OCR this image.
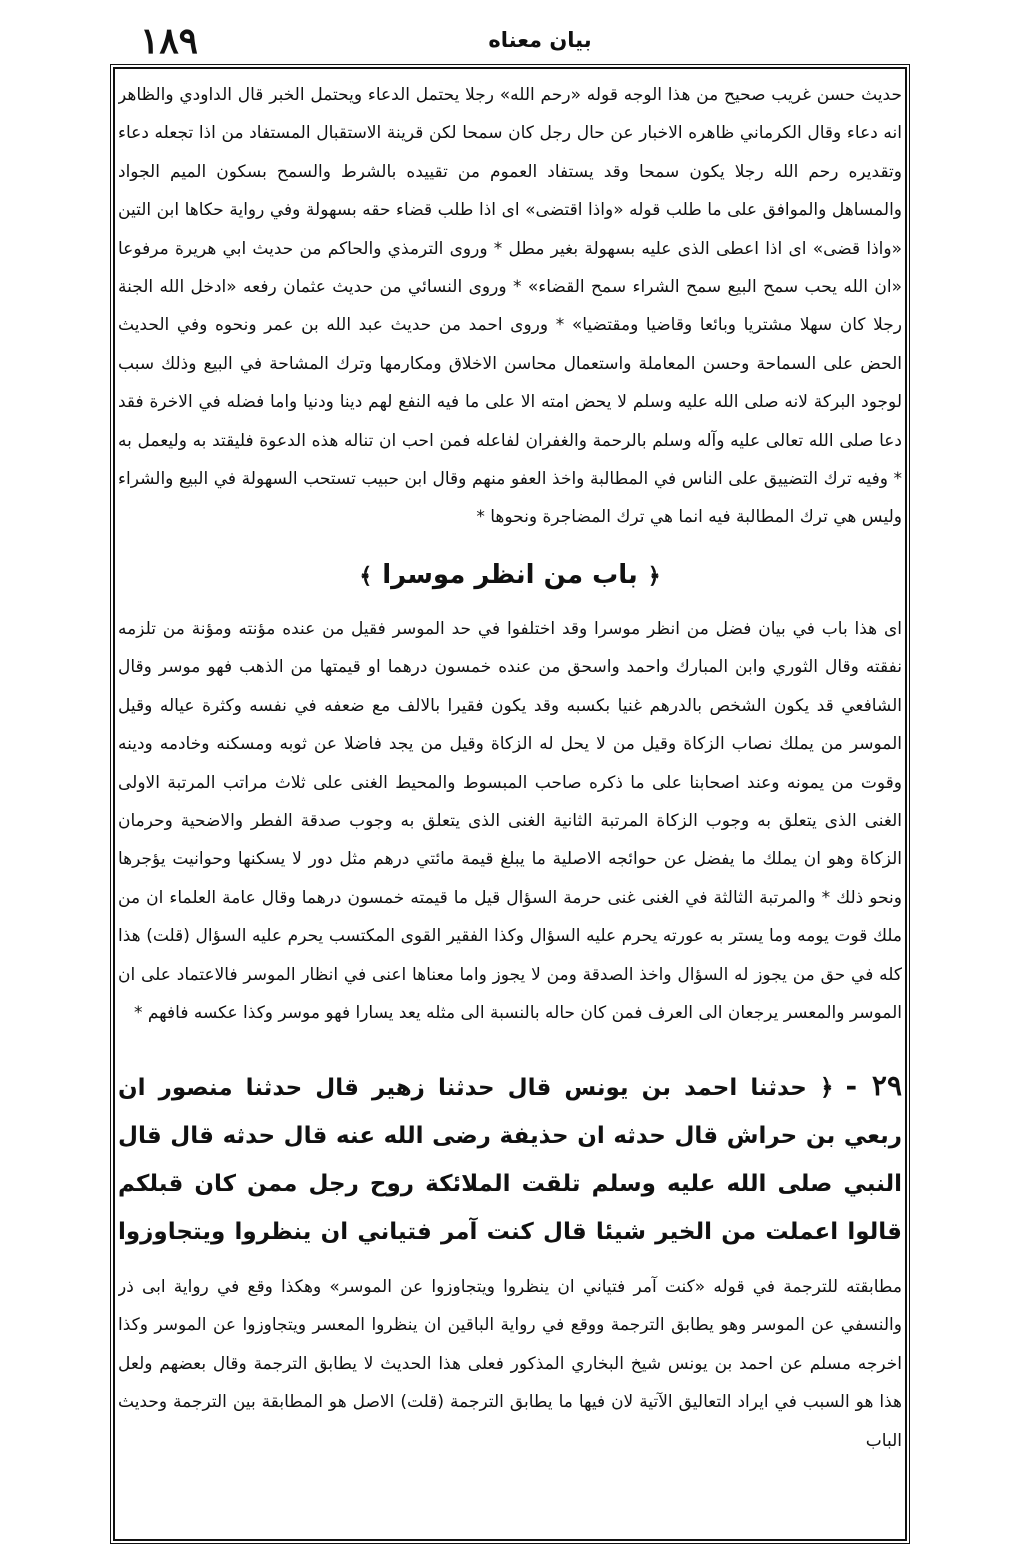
١٨٩	بيان معناه

حديث حسن غريب صحيح من هذا الوجه قوله «رحم الله» رجلا يحتمل الدعاء ويحتمل الخبر قال الداودي والظاهر انه دعاء وقال الكرماني ظاهره الاخبار عن حال رجل كان سمحا لكن قرينة الاستقبال المستفاد من اذا تجعله دعاء وتقديره رحم الله رجلا يكون سمحا وقد يستفاد العموم من تقييده بالشرط والسمح بسكون الميم الجواد والمساهل والموافق على ما طلب قوله «واذا اقتضى» اى اذا طلب قضاء حقه بسهولة وفي رواية حكاها ابن التين «واذا قضى» اى اذا اعطى الذى عليه بسهولة بغير مطل * وروى الترمذي والحاكم من حديث ابي هريرة مرفوعا «ان الله يحب سمح البيع سمح الشراء سمح القضاء» * وروى النسائي من حديث عثمان رفعه «ادخل الله الجنة رجلا كان سهلا مشتريا وبائعا وقاضيا ومقتضيا» * وروى احمد من حديث عبد الله بن عمر ونحوه وفي الحديث الحض على السماحة وحسن المعاملة واستعمال محاسن الاخلاق ومكارمها وترك المشاحة في البيع وذلك سبب لوجود البركة لانه صلى الله عليه وسلم لا يحض امته الا على ما فيه النفع لهم دينا ودنيا واما فضله في الاخرة فقد دعا صلى الله تعالى عليه وآله وسلم بالرحمة والغفران لفاعله فمن احب ان تناله هذه الدعوة فليقتد به وليعمل به * وفيه ترك التضييق على الناس في المطالبة واخذ العفو منهم وقال ابن حبيب تستحب السهولة في البيع والشراء وليس هي ترك المطالبة فيه انما هي ترك المضاجرة ونحوها *

﴿باب من انظر موسرا﴾

اى هذا باب في بيان فضل من انظر موسرا وقد اختلفوا في حد الموسر فقيل من عنده مؤنته ومؤنة من تلزمه نفقته وقال الثوري وابن المبارك واحمد واسحق من عنده خمسون درهما او قيمتها من الذهب فهو موسر وقال الشافعي قد يكون الشخص بالدرهم غنيا بكسبه وقد يكون فقيرا بالالف مع ضعفه في نفسه وكثرة عياله وقيل الموسر من يملك نصاب الزكاة وقيل من لا يحل له الزكاة وقيل من يجد فاضلا عن ثوبه ومسكنه وخادمه ودينه وقوت من يمونه وعند اصحابنا على ما ذكره صاحب المبسوط والمحيط الغنى على ثلاث مراتب المرتبة الاولى الغنى الذى يتعلق به وجوب الزكاة المرتبة الثانية الغنى الذى يتعلق به وجوب صدقة الفطر والاضحية وحرمان الزكاة وهو ان يملك ما يفضل عن حوائجه الاصلية ما يبلغ قيمة مائتي درهم مثل دور لا يسكنها وحوانيت يؤجرها ونحو ذلك * والمرتبة الثالثة في الغنى غنى حرمة السؤال قيل ما قيمته خمسون درهما وقال عامة العلماء ان من ملك قوت يومه وما يستر به عورته يحرم عليه السؤال وكذا الفقير القوى المكتسب يحرم عليه السؤال (قلت) هذا كله في حق من يجوز له السؤال واخذ الصدقة ومن لا يجوز واما معناها اعنى في انظار الموسر فالاعتماد على ان الموسر والمعسر يرجعان الى العرف فمن كان حاله بالنسبة الى مثله يعد يسارا فهو موسر وكذا عكسه فافهم *

٢٩ -﴿ حدثنا احمد بن يونس قال حدثنا زهير قال حدثنا منصور ان ربعي بن حراش قال حدثه ان حذيفة رضى الله عنه قال حدثه قال قال النبي صلى الله عليه وسلم تلقت الملائكة روح رجل ممن كان قبلكم قالوا اعملت من الخير شيئا قال كنت آمر فتياني ان ينظروا ويتجاوزوا

مطابقته للترجمة في قوله «كنت آمر فتياني ان ينظروا ويتجاوزوا عن الموسر» وهكذا وقع في رواية ابى ذر والنسفي عن الموسر وهو يطابق الترجمة ووقع في رواية الباقين ان ينظروا المعسر ويتجاوزوا عن الموسر وكذا اخرجه مسلم عن احمد بن يونس شيخ البخاري المذكور فعلى هذا الحديث لا يطابق الترجمة وقال بعضهم ولعل هذا هو السبب في ايراد التعاليق الآتية لان فيها ما يطابق الترجمة (قلت) الاصل هو المطابقة بين الترجمة وحديث الباب
